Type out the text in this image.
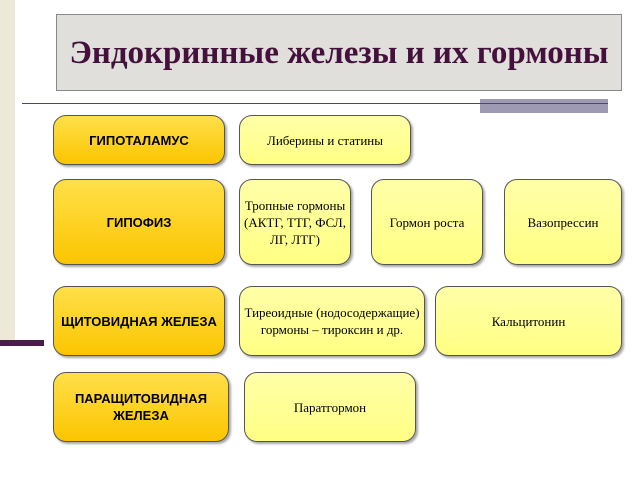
Эндокринные железы и их гормоны
ГИПОТАЛАМУС	Либерины и статины
ГИПОФИЗ
Тропные гормоны (АКТГ, ТТГ, ФСЛ, ЛГ, ЛТГ)
Гормон роста	Вазопрессин
ЩИТОВИДНАЯ ЖЕЛЕЗА
Тиреоидные (нодосодержащие) гормоны – тироксин и др.
Кальцитонин
ПАРАЩИТОВИДНАЯ ЖЕЛЕЗА
Паратгормон
